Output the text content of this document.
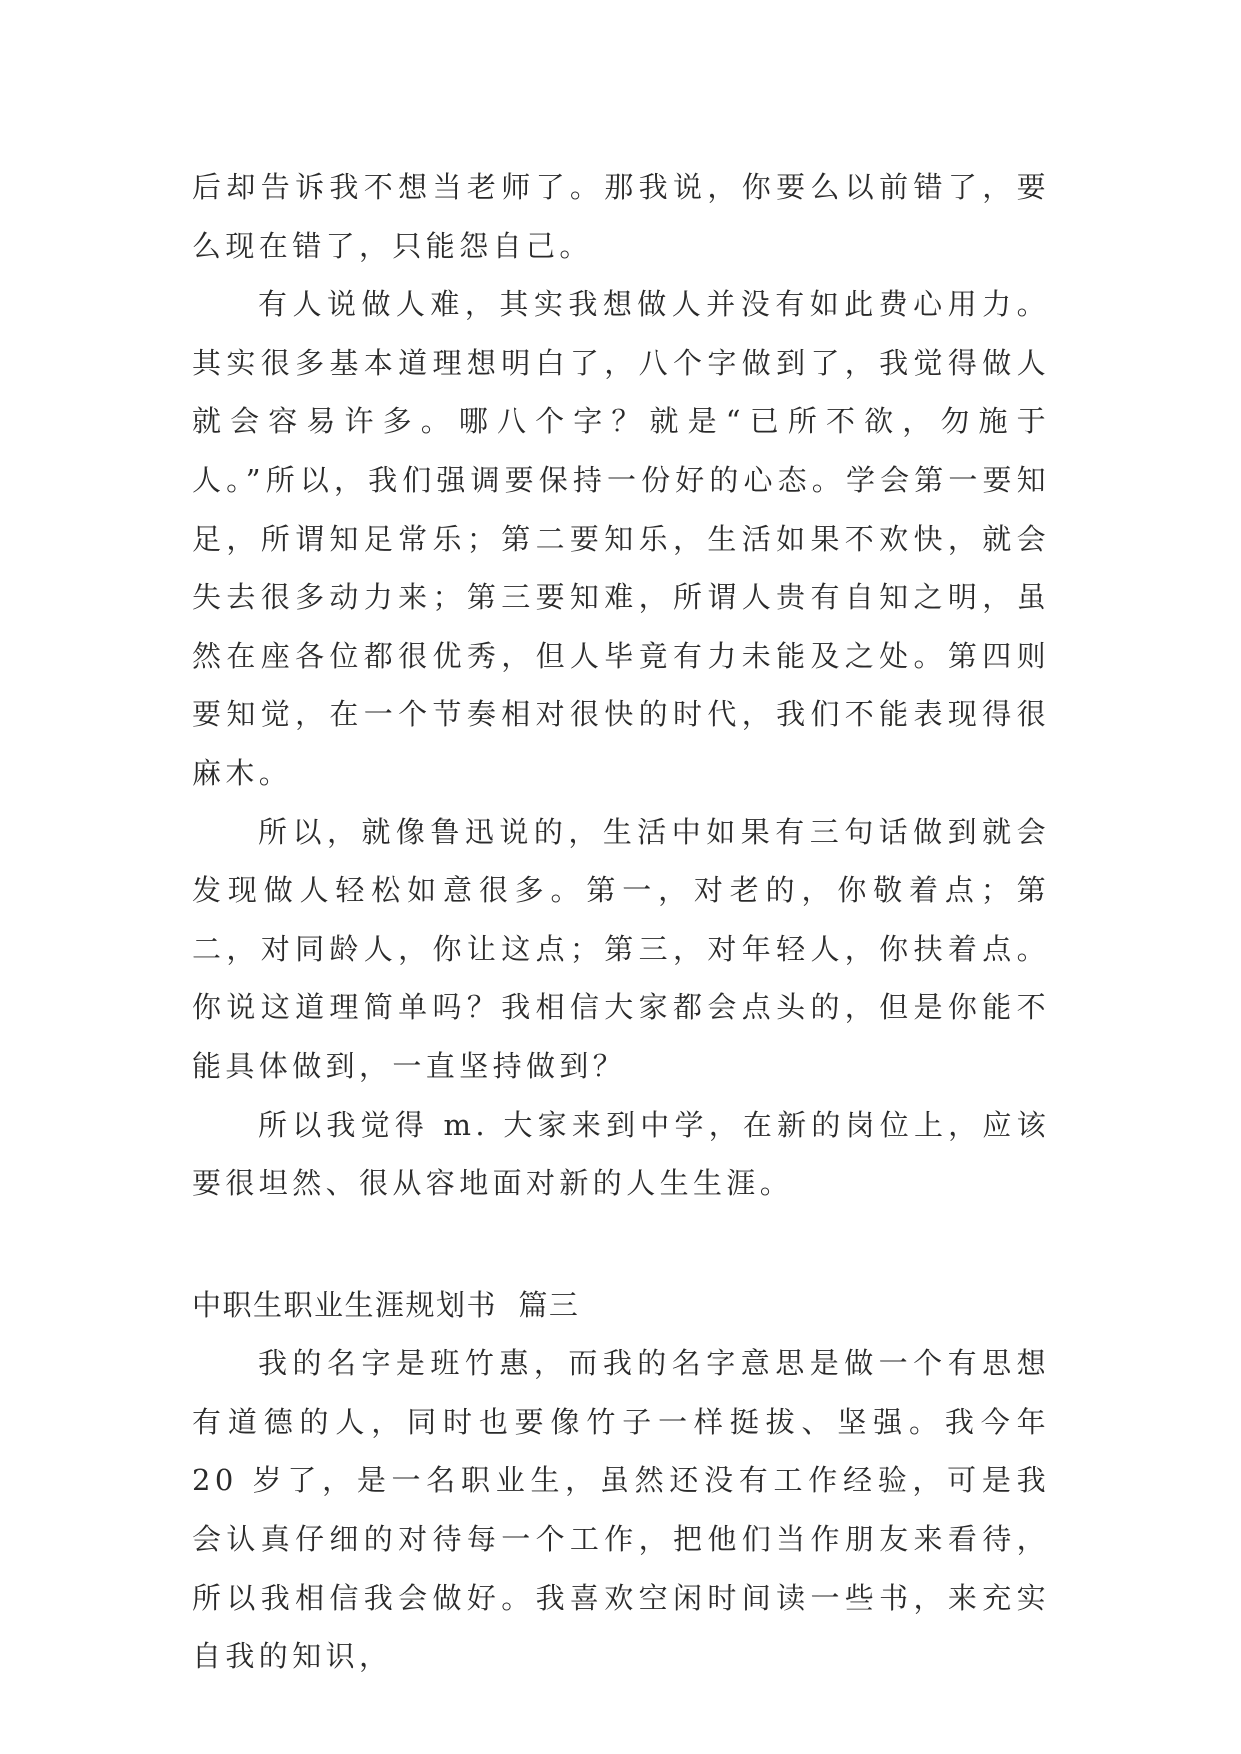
后却告诉我不想当老师了。那我说，你要么以前错了，要么现在错了，只能怨自己。

有人说做人难，其实我想做人并没有如此费心用力。其实很多基本道理想明白了，八个字做到了，我觉得做人就会容易许多。哪八个字？就是“已所不欲，勿施于人。”所以，我们强调要保持一份好的心态。学会第一要知足，所谓知足常乐；第二要知乐，生活如果不欢快，就会失去很多动力来；第三要知难，所谓人贵有自知之明，虽然在座各位都很优秀，但人毕竟有力未能及之处。第四则要知觉，在一个节奏相对很快的时代，我们不能表现得很麻木。

所以，就像鲁迅说的，生活中如果有三句话做到就会发现做人轻松如意很多。第一，对老的，你敬着点；第二，对同龄人，你让这点；第三，对年轻人，你扶着点。你说这道理简单吗？我相信大家都会点头的，但是你能不能具体做到，一直坚持做到？

所以我觉得 m. 大家来到中学，在新的岗位上，应该要很坦然、很从容地面对新的人生生涯。

中职生职业生涯规划书  篇三

我的名字是班竹惠，而我的名字意思是做一个有思想有道德的人，同时也要像竹子一样挺拔、坚强。我今年 20 岁了，是一名职业生，虽然还没有工作经验，可是我会认真仔细的对待每一个工作，把他们当作朋友来看待，所以我相信我会做好。我喜欢空闲时间读一些书，来充实自我的知识，
